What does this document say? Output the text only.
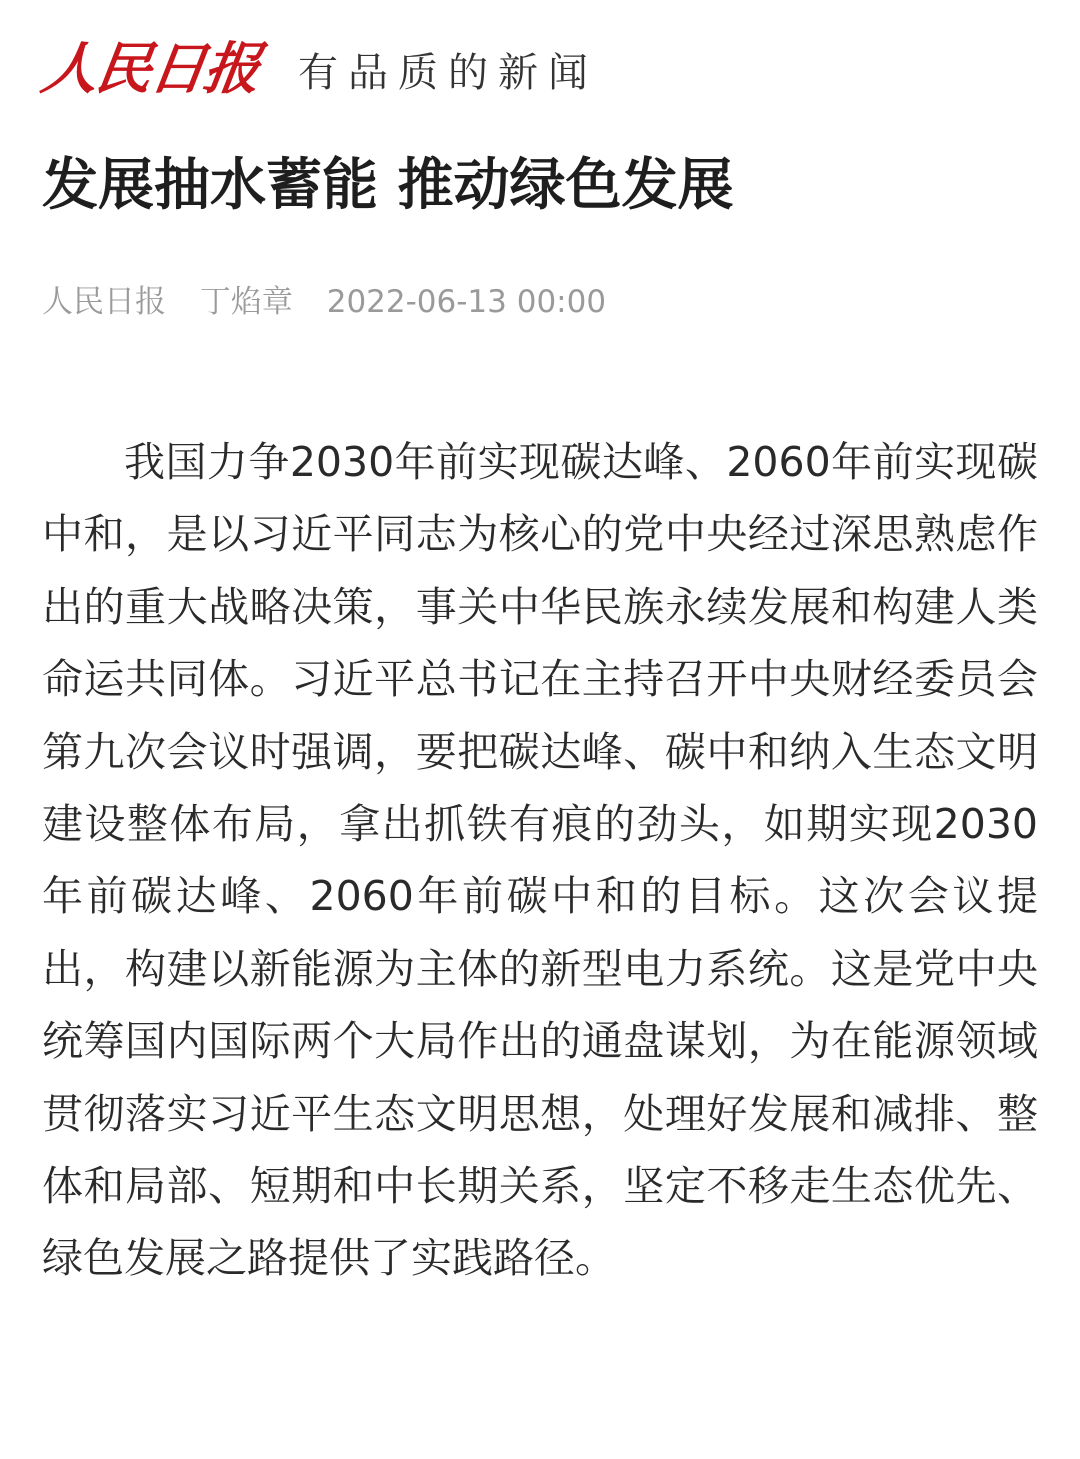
人民日报 有品质的新闻
发展抽水蓄能 推动绿色发展
人民日报 丁焰章 2022-06-13 00:00

我国力争2030年前实现碳达峰、2060年前实现碳中和，是以习近平同志为核心的党中央经过深思熟虑作出的重大战略决策，事关中华民族永续发展和构建人类命运共同体。习近平总书记在主持召开中央财经委员会第九次会议时强调，要把碳达峰、碳中和纳入生态文明建设整体布局，拿出抓铁有痕的劲头，如期实现2030年前碳达峰、2060年前碳中和的目标。这次会议提出，构建以新能源为主体的新型电力系统。这是党中央统筹国内国际两个大局作出的通盘谋划，为在能源领域贯彻落实习近平生态文明思想，处理好发展和减排、整体和局部、短期和中长期关系，坚定不移走生态优先、绿色发展之路提供了实践路径。
